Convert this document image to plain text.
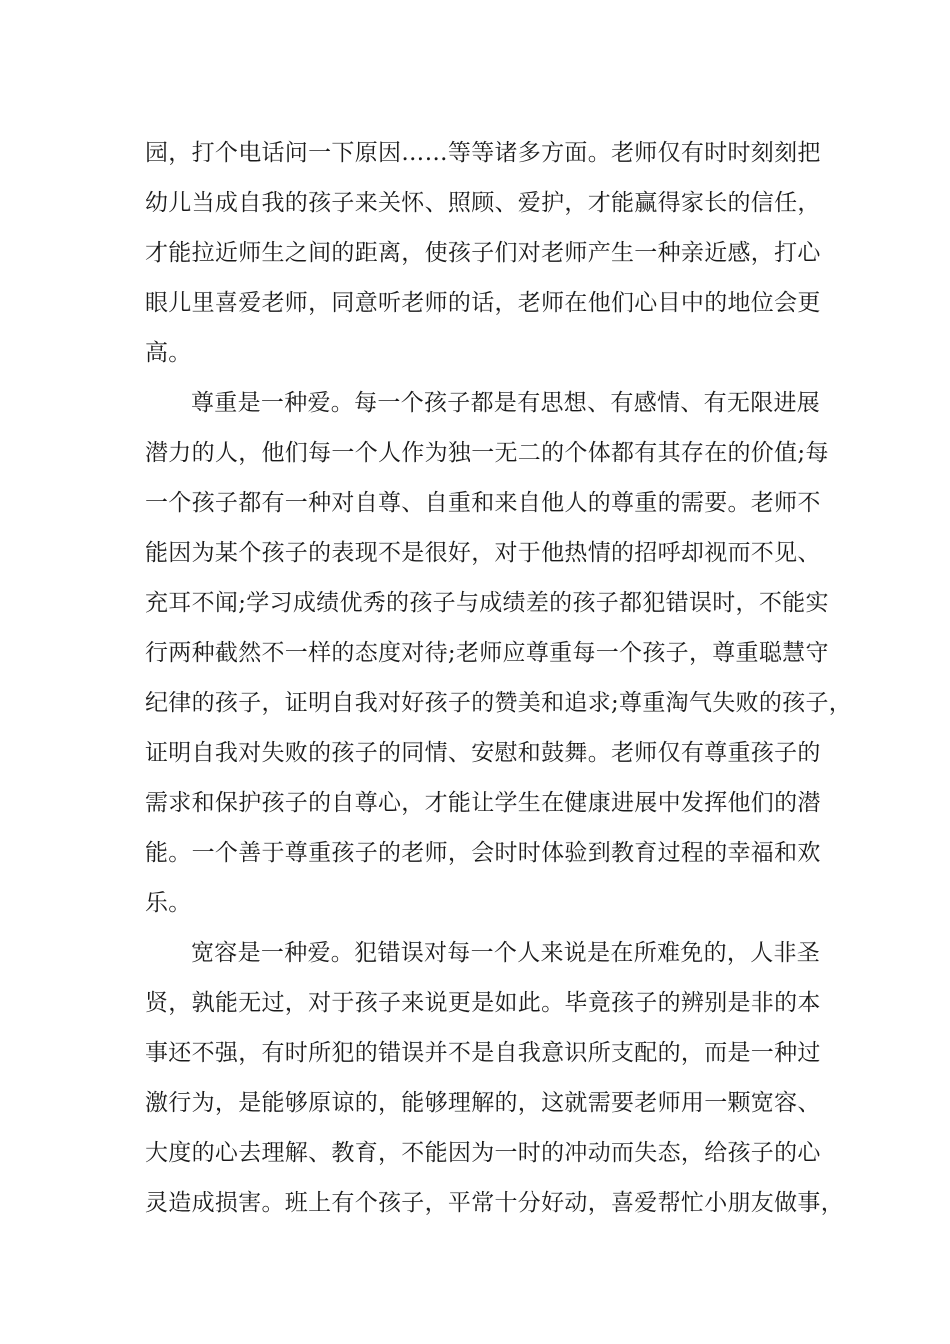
园，打个电话问一下原因……等等诸多方面。老师仅有时时刻刻把
幼儿当成自我的孩子来关怀、照顾、爱护，才能赢得家长的信任，
才能拉近师生之间的距离，使孩子们对老师产生一种亲近感，打心
眼儿里喜爱老师，同意听老师的话，老师在他们心目中的地位会更
高。
尊重是一种爱。每一个孩子都是有思想、有感情、有无限进展
潜力的人，他们每一个人作为独一无二的个体都有其存在的价值;每
一个孩子都有一种对自尊、自重和来自他人的尊重的需要。老师不
能因为某个孩子的表现不是很好，对于他热情的招呼却视而不见、
充耳不闻;学习成绩优秀的孩子与成绩差的孩子都犯错误时，不能实
行两种截然不一样的态度对待;老师应尊重每一个孩子，尊重聪慧守
纪律的孩子，证明自我对好孩子的赞美和追求;尊重淘气失败的孩子，
证明自我对失败的孩子的同情、安慰和鼓舞。老师仅有尊重孩子的
需求和保护孩子的自尊心，才能让学生在健康进展中发挥他们的潜
能。一个善于尊重孩子的老师，会时时体验到教育过程的幸福和欢
乐。
宽容是一种爱。犯错误对每一个人来说是在所难免的，人非圣
贤，孰能无过，对于孩子来说更是如此。毕竟孩子的辨别是非的本
事还不强，有时所犯的错误并不是自我意识所支配的，而是一种过
激行为，是能够原谅的，能够理解的，这就需要老师用一颗宽容、
大度的心去理解、教育，不能因为一时的冲动而失态，给孩子的心
灵造成损害。班上有个孩子，平常十分好动，喜爱帮忙小朋友做事，
